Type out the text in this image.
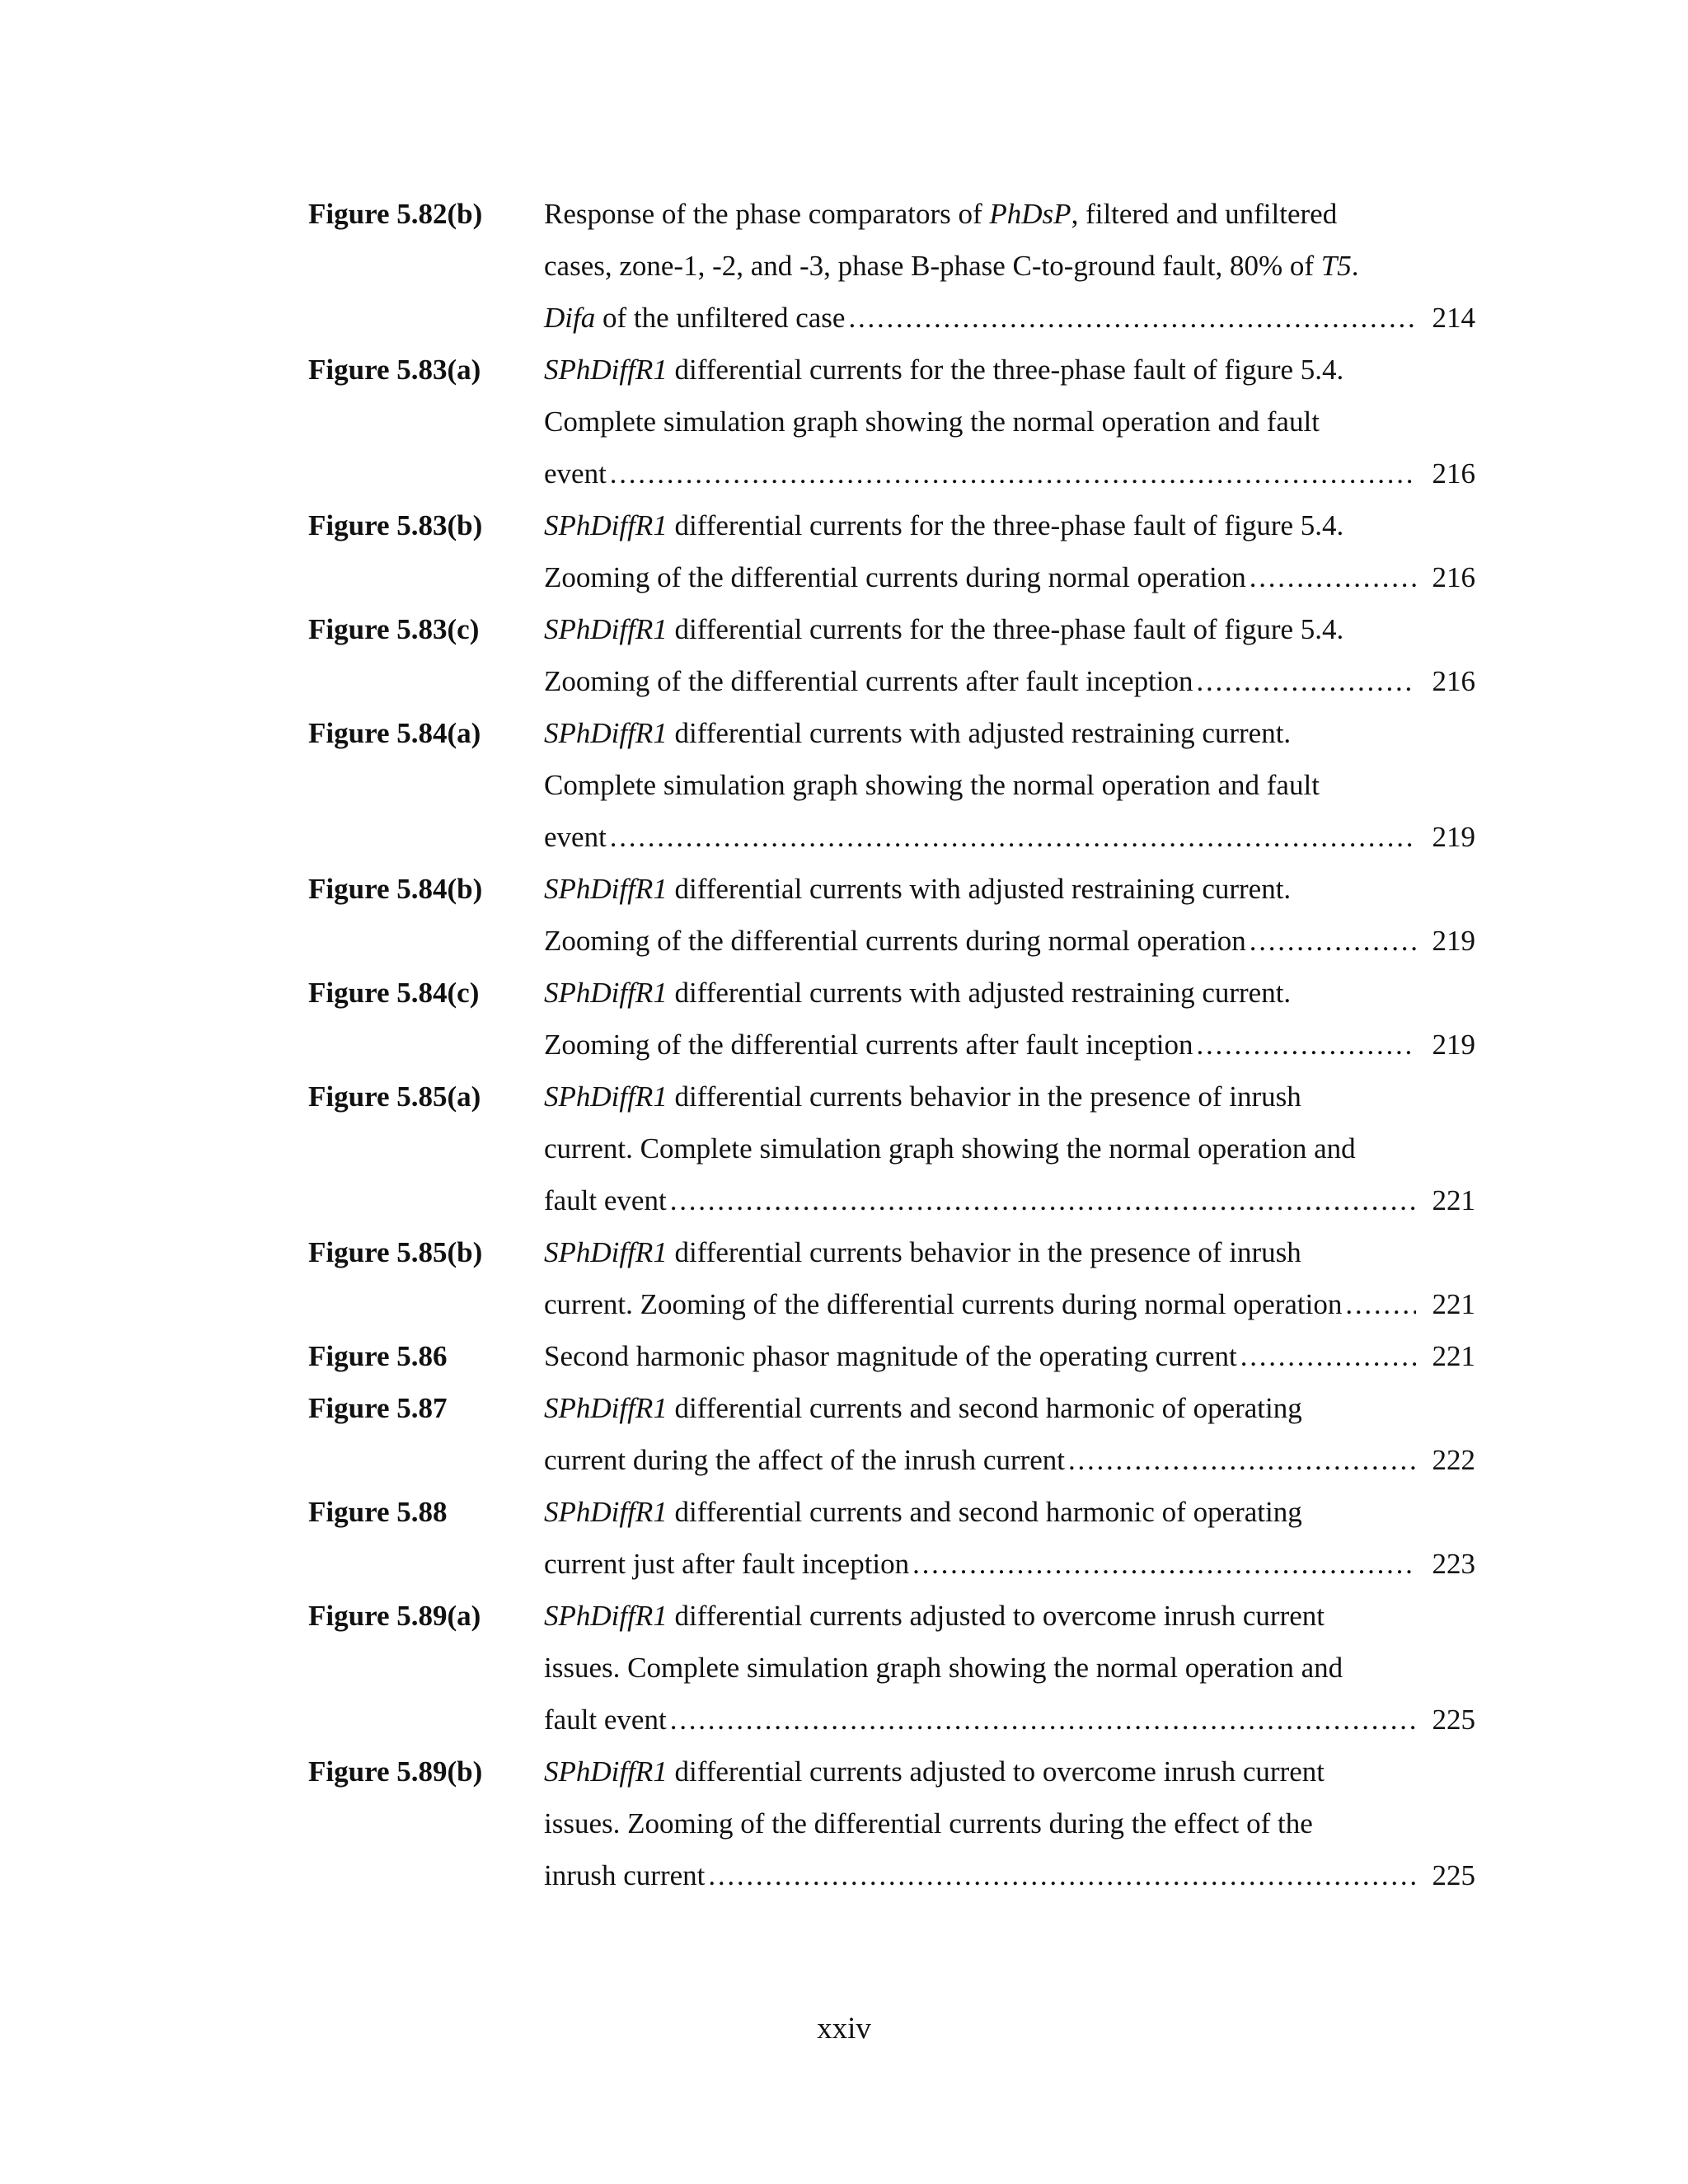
Figure 5.82(b) Response of the phase comparators of PhDsP, filtered and unfiltered
cases, zone-1, -2, and -3, phase B-phase C-to-ground fault, 80% of T5.
Difa of the unfiltered case . . .	214
Figure 5.83(a) SPhDiffR1 differential currents for the three-phase fault of figure 5.4.
Complete simulation graph showing the normal operation and fault
event . . .	216
Figure 5.83(b) SPhDiffR1 differential currents for the three-phase fault of figure 5.4.
Zooming of the differential currents during normal operation . . .	216
Figure 5.83(c) SPhDiffR1 differential currents for the three-phase fault of figure 5.4.
Zooming of the differential currents after fault inception . . .	216
Figure 5.84(a) SPhDiffR1 differential currents with adjusted restraining current.
Complete simulation graph showing the normal operation and fault
event . . .	219
Figure 5.84(b) SPhDiffR1 differential currents with adjusted restraining current.
Zooming of the differential currents during normal operation . . .	219
Figure 5.84(c) SPhDiffR1 differential currents with adjusted restraining current.
Zooming of the differential currents after fault inception . . .	219
Figure 5.85(a) SPhDiffR1 differential currents behavior in the presence of inrush
current. Complete simulation graph showing the normal operation and
fault event . . .	221
Figure 5.85(b) SPhDiffR1 differential currents behavior in the presence of inrush
current. Zooming of the differential currents during normal operation . . .	221
Figure 5.86	Second harmonic phasor magnitude of the operating current . . .	221
Figure 5.87	SPhDiffR1 differential currents and second harmonic of operating
current during the affect of the inrush current . . .	222
Figure 5.88	SPhDiffR1 differential currents and second harmonic of operating
current just after fault inception . . .	223
Figure 5.89(a) SPhDiffR1 differential currents adjusted to overcome inrush current
issues. Complete simulation graph showing the normal operation and
fault event . . .	225
Figure 5.89(b) SPhDiffR1 differential currents adjusted to overcome inrush current
issues. Zooming of the differential currents during the effect of the
inrush current . . .	225
xxiv
